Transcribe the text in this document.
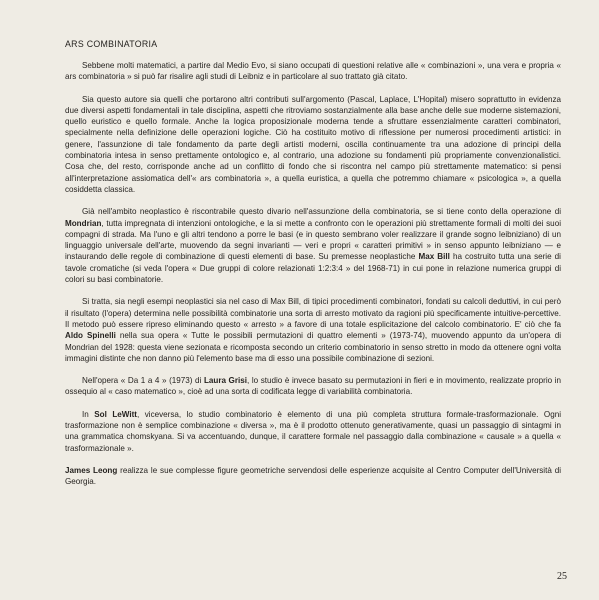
ARS COMBINATORIA

Sebbene molti matematici, a partire dal Medio Evo, si siano occupati di questioni relative alle « combinazioni », una vera e propria « ars combinatoria » si può far risalire agli studi di Leibniz e in particolare al suo trattato già citato.

Sia questo autore sia quelli che portarono altri contributi sull'argomento (Pascal, Laplace, L'Hopital) misero soprattutto in evidenza due diversi aspetti fondamentali in tale disciplina, aspetti che ritroviamo sostanzialmente alla base anche delle sue moderne sistemazioni, quello euristico e quello formale. Anche la logica proposizionale moderna tende a sfruttare essenzialmente caratteri combinatori, specialmente nella definizione delle operazioni logiche. Ciò ha costituito motivo di riflessione per numerosi procedimenti artistici: in genere, l'assunzione di tale fondamento da parte degli artisti moderni, oscilla continuamente tra una adozione di principi della combinatoria intesa in senso prettamente ontologico e, al contrario, una adozione su fondamenti più propriamente convenzionalistici. Cosa che, del resto, corrisponde anche ad un conflitto di fondo che si riscontra nel campo più strettamente matematico: si pensi all'interpretazione assiomatica dell'« ars combinatoria », a quella euristica, a quella che potremmo chiamare « psicologica », a quella cosiddetta classica.

Già nell'ambito neoplastico è riscontrabile questo divario nell'assunzione della combinatoria, se si tiene conto della operazione di Mondrian, tutta impregnata di intenzioni ontologiche, e la si mette a confronto con le operazioni più strettamente formali di molti dei suoi compagni di strada. Ma l'uno e gli altri tendono a porre le basi (e in questo sembrano voler realizzare il grande sogno leibniziano) di un linguaggio universale dell'arte, muovendo da segni invarianti — veri e propri « caratteri primitivi » in senso appunto leibniziano — e instaurando delle regole di combinazione di questi elementi di base. Su premesse neoplastiche Max Bill ha costruito tutta una serie di tavole cromatiche (si veda l'opera « Due gruppi di colore relazionati 1:2:3:4 » del 1968-71) in cui pone in relazione numerica gruppi di colori su basi combinatorie.

Si tratta, sia negli esempi neoplastici sia nel caso di Max Bill, di tipici procedimenti combinatori, fondati su calcoli deduttivi, in cui però il risultato (l'opera) determina nelle possibilità combinatorie una sorta di arresto motivato da ragioni più specificamente intuitive-percettive. Il metodo può essere ripreso eliminando questo « arresto » a favore di una totale esplicitazione del calcolo combinatorio. E' ciò che fa Aldo Spinelli nella sua opera « Tutte le possibili permutazioni di quattro elementi » (1973-74), muovendo appunto da un'opera di Mondrian del 1928: questa viene sezionata e ricomposta secondo un criterio combinatorio in senso stretto in modo da ottenere ogni volta immagini distinte che non danno più l'elemento base ma di esso una possibile combinazione di sezioni.

Nell'opera « Da 1 a 4 » (1973) di Laura Grisi, lo studio è invece basato su permutazioni in fieri e in movimento, realizzate proprio in ossequio al « caso matematico », cioè ad una sorta di codificata legge di variabilità combinatoria.

In Sol LeWitt, viceversa, lo studio combinatorio è elemento di una più completa struttura formale-trasformazionale. Ogni trasformazione non è semplice combinazione « diversa », ma è il prodotto ottenuto generativamente, quasi un passaggio di sintagmi in una grammatica chomskyana. Si va accentuando, dunque, il carattere formale nel passaggio dalla combinazione « causale » a quella « trasformazionale ».

James Leong realizza le sue complesse figure geometriche servendosi delle esperienze acquisite al Centro Computer dell'Università di Georgia.

25
